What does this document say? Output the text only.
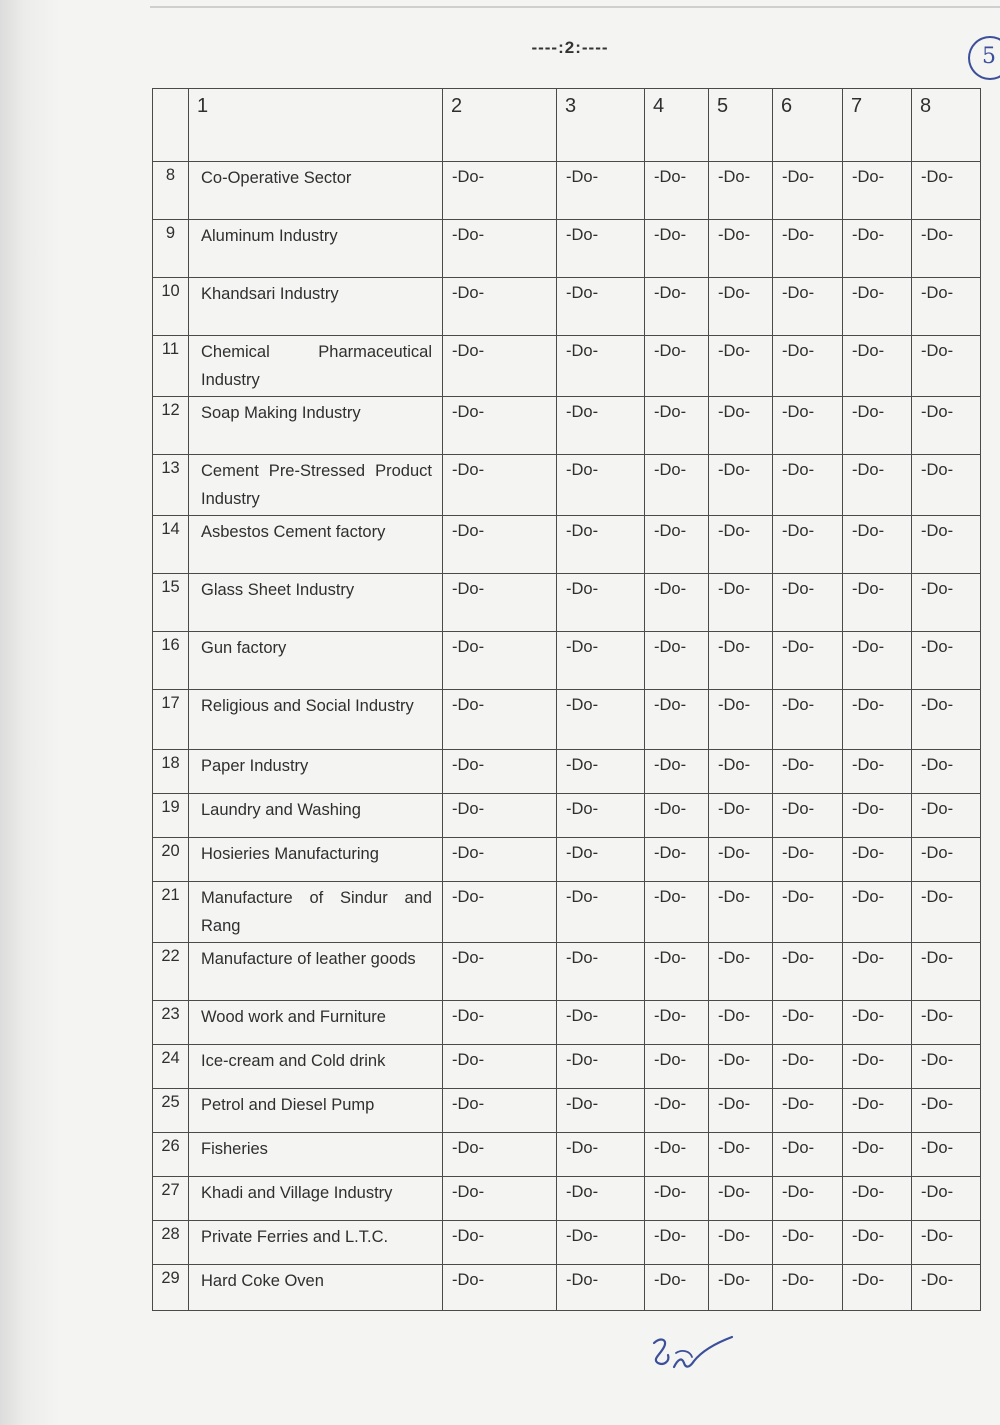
----:2:----	5
	1	2	3	4	5	6	7	8
8	Co-Operative Sector	-Do-	-Do-	-Do-	-Do-	-Do-	-Do-	-Do-
9	Aluminum Industry	-Do-	-Do-	-Do-	-Do-	-Do-	-Do-	-Do-
10	Khandsari Industry	-Do-	-Do-	-Do-	-Do-	-Do-	-Do-	-Do-
11	Chemical Pharmaceutical Industry	-Do-	-Do-	-Do-	-Do-	-Do-	-Do-	-Do-
12	Soap Making Industry	-Do-	-Do-	-Do-	-Do-	-Do-	-Do-	-Do-
13	Cement Pre-Stressed Product Industry	-Do-	-Do-	-Do-	-Do-	-Do-	-Do-	-Do-
14	Asbestos Cement factory	-Do-	-Do-	-Do-	-Do-	-Do-	-Do-	-Do-
15	Glass Sheet Industry	-Do-	-Do-	-Do-	-Do-	-Do-	-Do-	-Do-
16	Gun factory	-Do-	-Do-	-Do-	-Do-	-Do-	-Do-	-Do-
17	Religious and Social Industry	-Do-	-Do-	-Do-	-Do-	-Do-	-Do-	-Do-
18	Paper Industry	-Do-	-Do-	-Do-	-Do-	-Do-	-Do-	-Do-
19	Laundry and Washing	-Do-	-Do-	-Do-	-Do-	-Do-	-Do-	-Do-
20	Hosieries Manufacturing	-Do-	-Do-	-Do-	-Do-	-Do-	-Do-	-Do-
21	Manufacture of Sindur and Rang	-Do-	-Do-	-Do-	-Do-	-Do-	-Do-	-Do-
22	Manufacture of leather goods	-Do-	-Do-	-Do-	-Do-	-Do-	-Do-	-Do-
23	Wood work and Furniture	-Do-	-Do-	-Do-	-Do-	-Do-	-Do-	-Do-
24	Ice-cream and Cold drink	-Do-	-Do-	-Do-	-Do-	-Do-	-Do-	-Do-
25	Petrol and Diesel Pump	-Do-	-Do-	-Do-	-Do-	-Do-	-Do-	-Do-
26	Fisheries	-Do-	-Do-	-Do-	-Do-	-Do-	-Do-	-Do-
27	Khadi and Village Industry	-Do-	-Do-	-Do-	-Do-	-Do-	-Do-	-Do-
28	Private Ferries and L.T.C.	-Do-	-Do-	-Do-	-Do-	-Do-	-Do-	-Do-
29	Hard Coke Oven	-Do-	-Do-	-Do-	-Do-	-Do-	-Do-	-Do-
